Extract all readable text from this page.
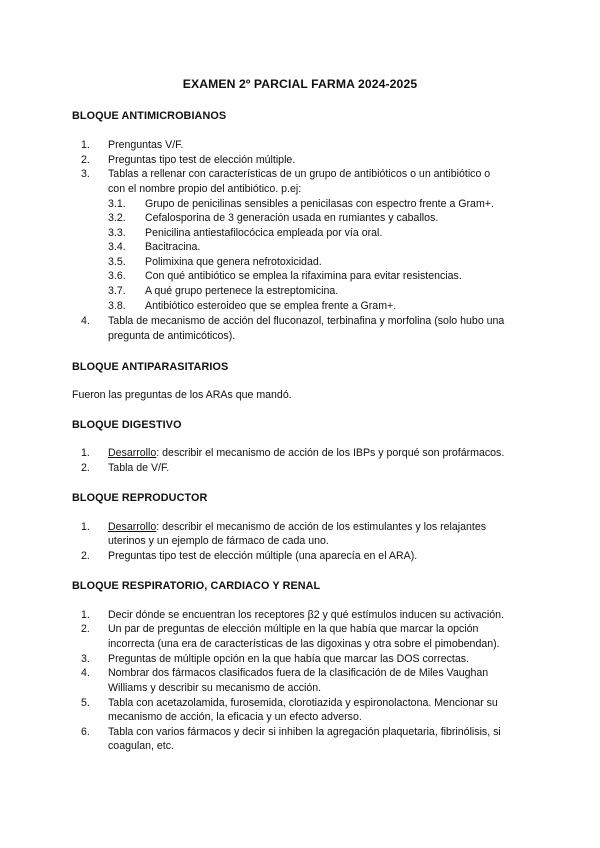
EXAMEN 2º PARCIAL FARMA 2024-2025
BLOQUE ANTIMICROBIANOS
1. Prenguntas V/F.
2. Preguntas tipo test de elección múltiple.
3. Tablas a rellenar con características de un grupo de antibióticos o un antibiótico o
con el nombre propio del antibiótico. p.ej:
3.1. Grupo de penicilinas sensibles a penicilasas con espectro frente a Gram+.
3.2. Cefalosporina de 3 generación usada en rumiantes y caballos.
3.3. Penicilina antiestafilocócica empleada por vía oral.
3.4. Bacitracina.
3.5. Polimixina que genera nefrotoxicidad.
3.6. Con qué antibiótico se emplea la rifaximina para evitar resistencias.
3.7. A qué grupo pertenece la estreptomicina.
3.8. Antibiótico esteroideo que se emplea frente a Gram+.
4. Tabla de mecanismo de acción del fluconazol, terbinafina y morfolina (solo hubo una
pregunta de antimicóticos).
BLOQUE ANTIPARASITARIOS
Fueron las preguntas de los ARAs que mandó.
BLOQUE DIGESTIVO
1. Desarrollo: describir el mecanismo de acción de los IBPs y porqué son profármacos.
2. Tabla de V/F.
BLOQUE REPRODUCTOR
1. Desarrollo: describir el mecanismo de acción de los estimulantes y los relajantes
uterinos y un ejemplo de fármaco de cada uno.
2. Preguntas tipo test de elección múltiple (una aparecía en el ARA).
BLOQUE RESPIRATORIO, CARDIACO Y RENAL
1. Decir dónde se encuentran los receptores β2 y qué estímulos inducen su activación.
2. Un par de preguntas de elección múltiple en la que había que marcar la opción
incorrecta (una era de características de las digoxinas y otra sobre el pimobendan).
3. Preguntas de múltiple opción en la que había que marcar las DOS correctas.
4. Nombrar dos fármacos clasificados fuera de la clasificación de de Miles Vaughan
Williams y describir su mecanismo de acción.
5. Tabla con acetazolamida, furosemida, clorotiazida y espironolactona. Mencionar su
mecanismo de acción, la eficacia y un efecto adverso.
6. Tabla con varios fármacos y decir si inhiben la agregación plaquetaria, fibrinólisis, si
coagulan, etc.
